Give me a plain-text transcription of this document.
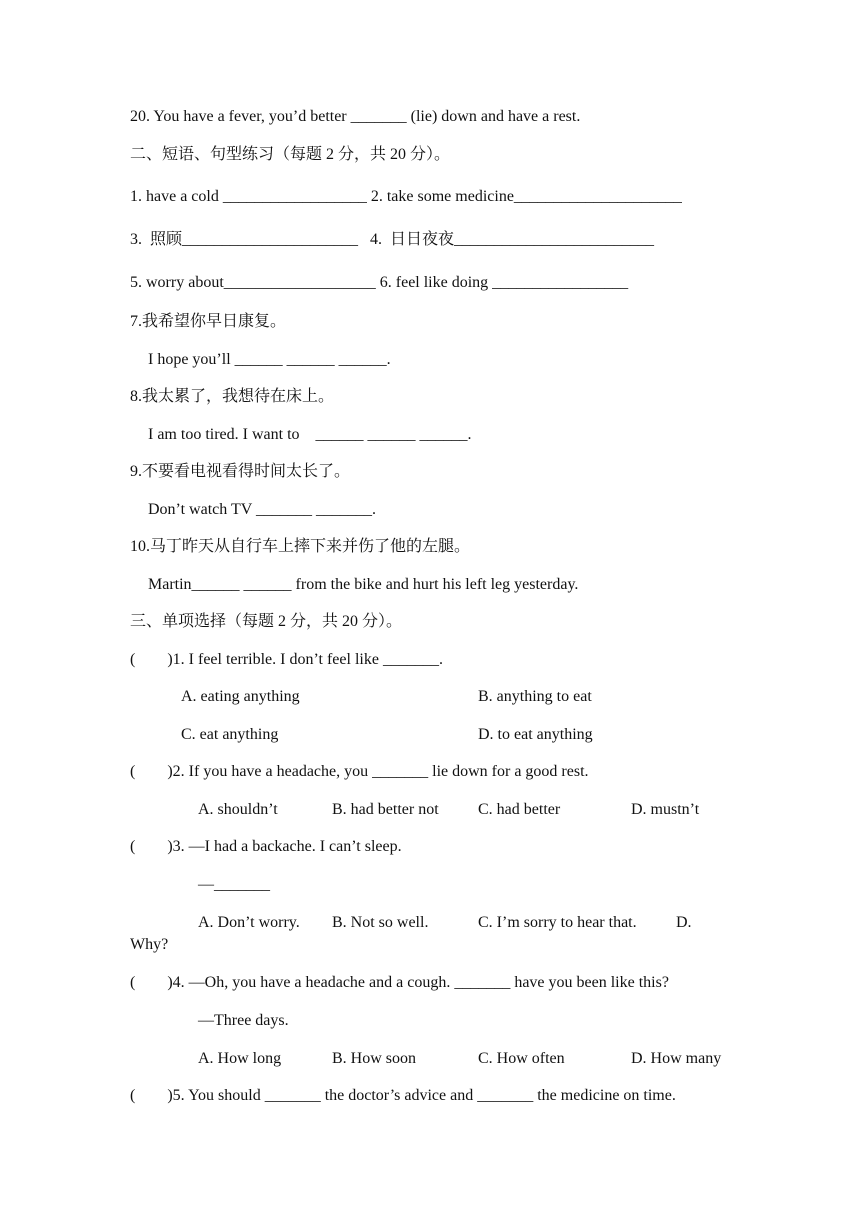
20. You have a fever, you’d better _______ (lie) down and have a rest.
二、短语、句型练习（每题 2 分，共 20 分）。
1. have a cold __________________ 2. take some medicine_____________________
3.  照顾______________________   4.  日日夜夜_________________________
5. worry about___________________ 6. feel like doing _________________
7.我希望你早日康复。
I hope you’ll ______ ______ ______.
8.我太累了，我想待在床上。
I am too tired. I want to    ______ ______ ______.
9.不要看电视看得时间太长了。
Don’t watch TV _______ _______.
10.马丁昨天从自行车上摔下来并伤了他的左腿。
Martin______ ______ from the bike and hurt his left leg yesterday.
三、单项选择（每题 2 分，共 20 分）。
(        )1. I feel terrible. I don’t feel like _______.
A. eating anything	B. anything to eat
C. eat anything	D. to eat anything
(        )2. If you have a headache, you _______ lie down for a good rest.
A. shouldn’t	B. had better not C. had better	D. mustn’t
(        )3. —I had a backache. I can’t sleep.
—_______
A. Don’t worry. B. Not so well.	C. I’m sorry to hear that. D.
Why?
(        )4. —Oh, you have a headache and a cough. _______ have you been like this?
—Three days.
A. How long	B. How soon	C. How often	D. How many
(        )5. You should _______ the doctor’s advice and _______ the medicine on time.
